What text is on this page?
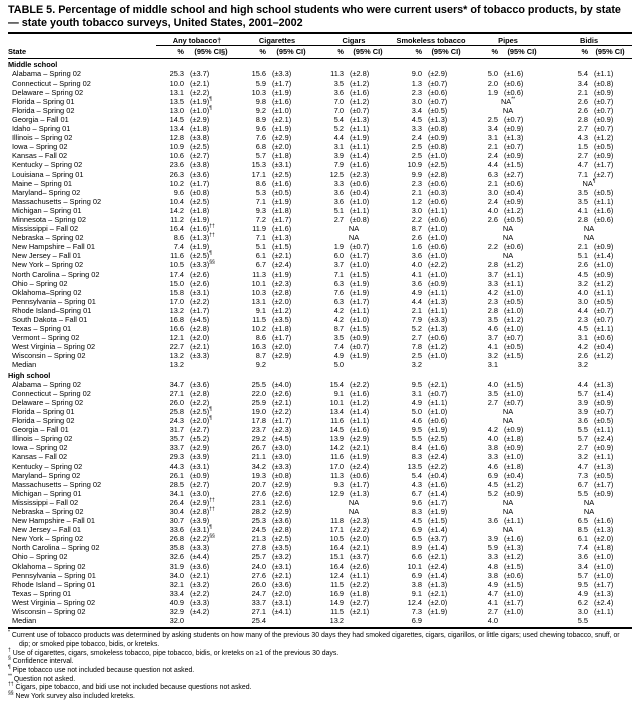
TABLE 5. Percentage of middle school and high school students who were current users* of tobacco products, by state — state youth tobacco surveys, United States, 2001–2002
	Any tobacco†		Cigarettes		Cigars		Smokeless tobacco		Pipes		Bidis	
State	%	(95% CI§)	%	(95% CI)	%	(95% CI)	%	(95% CI)	%	(95% CI)	%	(95% CI)
Middle school												
Alabama – Spring 02	25.3	(±3.7)	15.6	(±3.3)	11.3	(±2.8)	9.0	(±2.9)	5.0	(±1.6)	5.4	(±1.1)
Connecticut – Spring 02	10.0	(±2.1)	5.9	(±1.7)	3.5	(±1.2)	1.3	(±0.7)	2.0	(±0.6)	3.4	(±0.8)
Delaware – Spring 02	13.1	(±2.2)	10.3	(±1.9)	3.6	(±1.6)	2.3	(±0.6)	1.9	(±0.6)	2.1	(±0.9)
Florida – Spring 01	13.5	(±1.9)¶	9.8	(±1.6)	7.0	(±1.2)	3.0	(±0.7)	NA**		2.6	(±0.7)
Florida – Spring 02	13.0	(±1.0)¶	9.2	(±1.0)	7.0	(±0.7)	3.4	(±0.5)	NA		2.6	(±0.7)
Georgia – Fall 01	14.5	(±2.9)	8.9	(±2.1)	5.4	(±1.3)	4.5	(±1.3)	2.5	(±0.7)	2.8	(±0.9)
Idaho – Spring 01	13.4	(±1.8)	9.6	(±1.9)	5.2	(±1.1)	3.3	(±0.8)	3.4	(±0.9)	2.7	(±0.7)
Illinois – Spring 02	12.8	(±3.8)	7.6	(±2.9)	4.4	(±1.9)	2.4	(±0.9)	3.1	(±1.3)	4.3	(±1.2)
Iowa – Spring 02	10.9	(±2.5)	6.8	(±2.0)	3.1	(±1.1)	2.5	(±0.8)	2.1	(±0.7)	1.5	(±0.5)
Kansas – Fall 02	10.6	(±2.7)	5.7	(±1.8)	3.9	(±1.4)	2.5	(±1.0)	2.4	(±0.9)	2.7	(±0.9)
Kentucky – Spring 02	23.6	(±3.8)	15.3	(±3.1)	7.9	(±1.6)	10.9	(±2.5)	4.4	(±1.5)	4.7	(±1.7)
Louisiana – Spring 01	26.3	(±3.6)	17.1	(±2.5)	12.5	(±2.3)	9.9	(±2.8)	6.3	(±2.7)	7.1	(±2.7)
Maine – Spring 01	10.2	(±1.7)	8.6	(±1.6)	3.3	(±0.6)	2.3	(±0.6)	2.1	(±0.6)	NA¶
Maryland– Spring 02	9.6	(±0.8)	5.3	(±0.5)	3.6	(±0.4)	2.1	(±0.3)	3.0	(±0.4)	3.5	(±0.5)
Massachusetts – Spring 02	10.4	(±2.5)	7.1	(±1.9)	3.6	(±1.0)	1.2	(±0.6)	2.4	(±0.9)	3.5	(±1.1)
Michigan – Spring 01	14.2	(±1.8)	9.3	(±1.8)	5.1	(±1.1)	3.0	(±1.1)	4.0	(±1.2)	4.1	(±1.6)
Minnesota – Spring 02	11.2	(±1.9)	7.2	(±1.7)	2.7	(±0.8)	2.2	(±0.6)	2.6	(±0.5)	2.8	(±0.6)
Mississippi – Fall 02	16.4	(±1.6)††	11.9	(±1.6)	NA		8.7	(±1.0)	NA		NA	
Nebraska – Spring 02	8.6	(±1.3)††	7.1	(±1.3)	NA		2.6	(±1.0)	NA		NA	
New Hampshire – Fall 01	7.4	(±1.9)	5.1	(±1.5)	1.9	(±0.7)	1.6	(±0.6)	2.2	(±0.6)	2.1	(±0.9)
New Jersey – Fall 01	11.6	(±2.5)¶	6.1	(±2.1)	6.0	(±1.7)	3.6	(±1.0)	NA		5.1	(±1.4)
New York – Spring 02	10.5	(±3.3)§§	6.7	(±2.4)	3.7	(±1.0)	4.0	(±2.2)	2.8	(±1.2)	2.6	(±1.0)
North Carolina – Spring 02	17.4	(±2.6)	11.3	(±1.9)	7.1	(±1.5)	4.1	(±1.0)	3.7	(±1.1)	4.5	(±0.9)
Ohio – Spring 02	15.0	(±2.6)	10.1	(±2.3)	6.3	(±1.9)	3.6	(±0.9)	3.3	(±1.1)	3.2	(±1.2)
Oklahoma–Spring 02	15.8	(±3.1)	10.3	(±2.8)	7.6	(±1.9)	4.9	(±1.1)	4.2	(±1.0)	4.0	(±1.1)
Pennsylvania – Spring 01	17.0	(±2.2)	13.1	(±2.0)	6.3	(±1.7)	4.4	(±1.3)	2.3	(±0.5)	3.0	(±0.5)
Rhode Island–Spring 01	13.2	(±1.7)	9.1	(±1.2)	4.2	(±1.1)	2.1	(±1.1)	2.8	(±1.0)	4.4	(±0.7)
South Dakota – Fall 01	16.8	(±4.5)	11.5	(±3.5)	4.2	(±1.0)	7.9	(±3.3)	3.5	(±1.2)	2.3	(±0.7)
Texas – Spring 01	16.6	(±2.8)	10.2	(±1.8)	8.7	(±1.5)	5.2	(±1.3)	4.6	(±1.0)	4.5	(±1.1)
Vermont – Spring 02	12.1	(±2.0)	8.6	(±1.7)	3.5	(±0.9)	2.7	(±0.6)	3.7	(±0.7)	3.1	(±0.6)
West Virginia – Spring 02	22.7	(±2.1)	16.3	(±2.0)	7.4	(±0.7)	7.8	(±1.2)	4.1	(±0.5)	4.2	(±0.4)
Wisconsin – Spring 02	13.2	(±3.3)	8.7	(±2.9)	4.9	(±1.9)	2.5	(±1.0)	3.2	(±1.5)	2.6	(±1.2)
Median	13.2		9.2		5.0		3.2		3.1		3.2	
High school												
Alabama – Spring 02	34.7	(±3.6)	25.5	(±4.0)	15.4	(±2.2)	9.5	(±2.1)	4.0	(±1.5)	4.4	(±1.3)
Connecticut – Spring 02	27.1	(±2.8)	22.0	(±2.6)	9.1	(±1.6)	3.1	(±0.7)	3.5	(±1.0)	5.7	(±1.4)
Delaware – Spring 02	26.0	(±2.2)	25.9	(±2.1)	10.1	(±1.2)	4.9	(±1.1)	2.7	(±0.7)	3.9	(±0.9)
Florida – Spring 01	25.8	(±2.5)¶	19.0	(±2.2)	13.4	(±1.4)	5.0	(±1.0)	NA		3.9	(±0.7)
Florida – Spring 02	24.3	(±2.0)¶	17.8	(±1.7)	11.6	(±1.1)	4.6	(±0.6)	NA		3.6	(±0.5)
Georgia – Fall 01	31.7	(±2.7)	23.7	(±2.3)	14.5	(±1.6)	9.5	(±1.9)	4.2	(±0.9)	5.5	(±1.1)
Illinois – Spring 02	35.7	(±5.2)	29.2	(±4.5)	13.9	(±2.9)	5.5	(±2.5)	4.0	(±1.8)	5.7	(±2.4)
Iowa – Spring 02	33.7	(±2.9)	26.7	(±3.0)	14.2	(±2.1)	8.4	(±1.6)	3.8	(±0.9)	2.7	(±0.9)
Kansas – Fall 02	29.3	(±3.9)	21.1	(±3.0)	11.6	(±1.9)	8.3	(±2.4)	3.3	(±1.0)	3.2	(±1.1)
Kentucky – Spring 02	44.3	(±3.1)	34.2	(±3.3)	17.0	(±2.4)	13.5	(±2.2)	4.6	(±1.8)	4.7	(±1.3)
Maryland– Spring 02	26.1	(±0.9)	19.3	(±0.8)	11.3	(±0.6)	5.4	(±0.4)	6.9	(±0.4)	7.3	(±0.5)
Massachusetts – Spring 02	28.5	(±2.7)	20.7	(±2.9)	9.3	(±1.7)	4.3	(±1.6)	4.5	(±1.2)	6.7	(±1.7)
Michigan – Spring 01	34.1	(±3.0)	27.6	(±2.6)	12.9	(±1.3)	6.7	(±1.4)	5.2	(±0.9)	5.5	(±0.9)
Mississippi – Fall 02	26.4	(±2.9)††	23.1	(±2.6)	NA		9.6	(±1.7)	NA		NA	
Nebraska – Spring 02	30.4	(±2.8)††	28.2	(±2.9)	NA		8.3	(±1.9)	NA		NA	
New Hampshire – Fall 01	30.7	(±3.9)	25.3	(±3.6)	11.8	(±2.3)	4.5	(±1.5)	3.6	(±1.1)	6.5	(±1.6)
New Jersey – Fall 01	33.6	(±3.1)¶	24.5	(±2.8)	17.1	(±2.2)	6.9	(±1.4)	NA		8.5	(±1.3)
New York – Spring 02	26.8	(±2.2)§§	21.3	(±2.5)	10.5	(±2.0)	6.5	(±3.7)	3.9	(±1.6)	6.1	(±2.0)
North Carolina – Spring 02	35.8	(±3.3)	27.8	(±3.5)	16.4	(±2.1)	8.9	(±1.4)	5.9	(±1.3)	7.4	(±1.8)
Ohio – Spring 02	32.6	(±4.4)	25.7	(±3.2)	15.1	(±3.7)	6.6	(±2.1)	3.3	(±1.2)	3.6	(±1.0)
Oklahoma – Spring 02	31.9	(±3.6)	24.0	(±3.1)	16.4	(±2.6)	10.1	(±2.4)	4.8	(±1.5)	3.4	(±1.0)
Pennsylvania – Spring 01	34.0	(±2.1)	27.6	(±2.1)	12.4	(±1.1)	6.9	(±1.4)	3.8	(±0.6)	5.7	(±1.0)
Rhode Island – Spring 01	32.1	(±3.2)	26.0	(±3.6)	11.5	(±2.2)	3.8	(±1.3)	4.9	(±1.5)	9.5	(±1.7)
Texas – Spring 01	33.4	(±2.2)	24.7	(±2.0)	16.9	(±1.8)	9.1	(±2.1)	4.7	(±1.0)	4.9	(±1.3)
West Virginia – Spring 02	40.9	(±3.3)	33.7	(±3.1)	14.9	(±2.7)	12.4	(±2.0)	4.1	(±1.7)	6.2	(±2.4)
Wisconsin – Spring 02	32.9	(±4.2)	27.1	(±4.1)	11.5	(±2.1)	7.3	(±1.9)	2.7	(±1.0)	3.0	(±1.1)
Median	32.0		25.4		13.2		6.9		4.0		5.5	
* Current use of tobacco products was determined by asking students on how many of the previous 30 days they had smoked cigarettes, cigars, cigarillos, or little cigars; used chewing tobacco, snuff, or dip; or smoked pipe tobacco, bidis, or kreteks.
† Use of cigarettes, cigars, smokeless tobacco, pipe tobacco, bidis, or kreteks on ≥1 of the previous 30 days.
§ Confidence interval.
¶ Pipe tobacco use not included because question not asked.
** Question not asked.
†† Cigars, pipe tobacco, and bidi use not included because questions not asked.
§§ New York survey also included kreteks.
